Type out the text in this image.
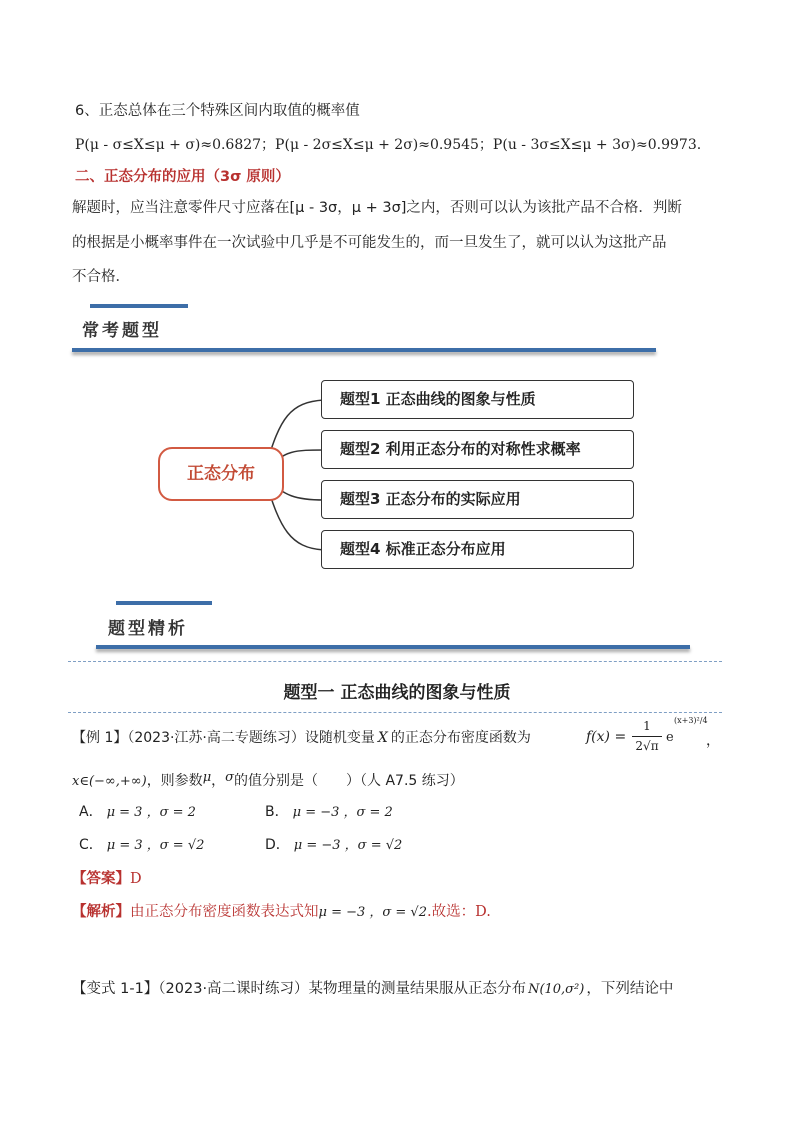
6、正态总体在三个特殊区间内取值的概率值
P(μ - σ≤X≤μ + σ)≈0.6827；P(μ - 2σ≤X≤μ + 2σ)≈0.9545；P(u - 3σ≤X≤μ + 3σ)≈0.9973.
二、正态分布的应用（3σ 原则）
解题时，应当注意零件尺寸应落在[μ - 3σ，μ + 3σ]之内，否则可以认为该批产品不合格．判断
的根据是小概率事件在一次试验中几乎是不可能发生的，而一旦发生了，就可以认为这批产品
不合格．
常考题型
正态分布
题型1 正态曲线的图象与性质
题型2 利用正态分布的对称性求概率
题型3 正态分布的实际应用
题型4 标准正态分布应用
题型精析
题型一 正态曲线的图象与性质
【例 1】（2023·江苏·高二专题练习）设随机变量 X 的正态分布密度函数为	f(x) =
1
2√π
e
(x+3)²/4
，
x∈(−∞,+∞)，则参数μ，σ的值分别是（　　）（人 A7.5 练习）
A． μ = 3 ，σ = 2	B． μ = −3 ，σ = 2
C． μ = 3 ，σ = √2	D． μ = −3 ，σ = √2
【答案】D
【解析】由正态分布密度函数表达式知μ = −3 ，σ = √2.故选：D.
【变式 1-1】（2023·高二课时练习）某物理量的测量结果服从正态分布 N(10,σ²) ，下列结论中
